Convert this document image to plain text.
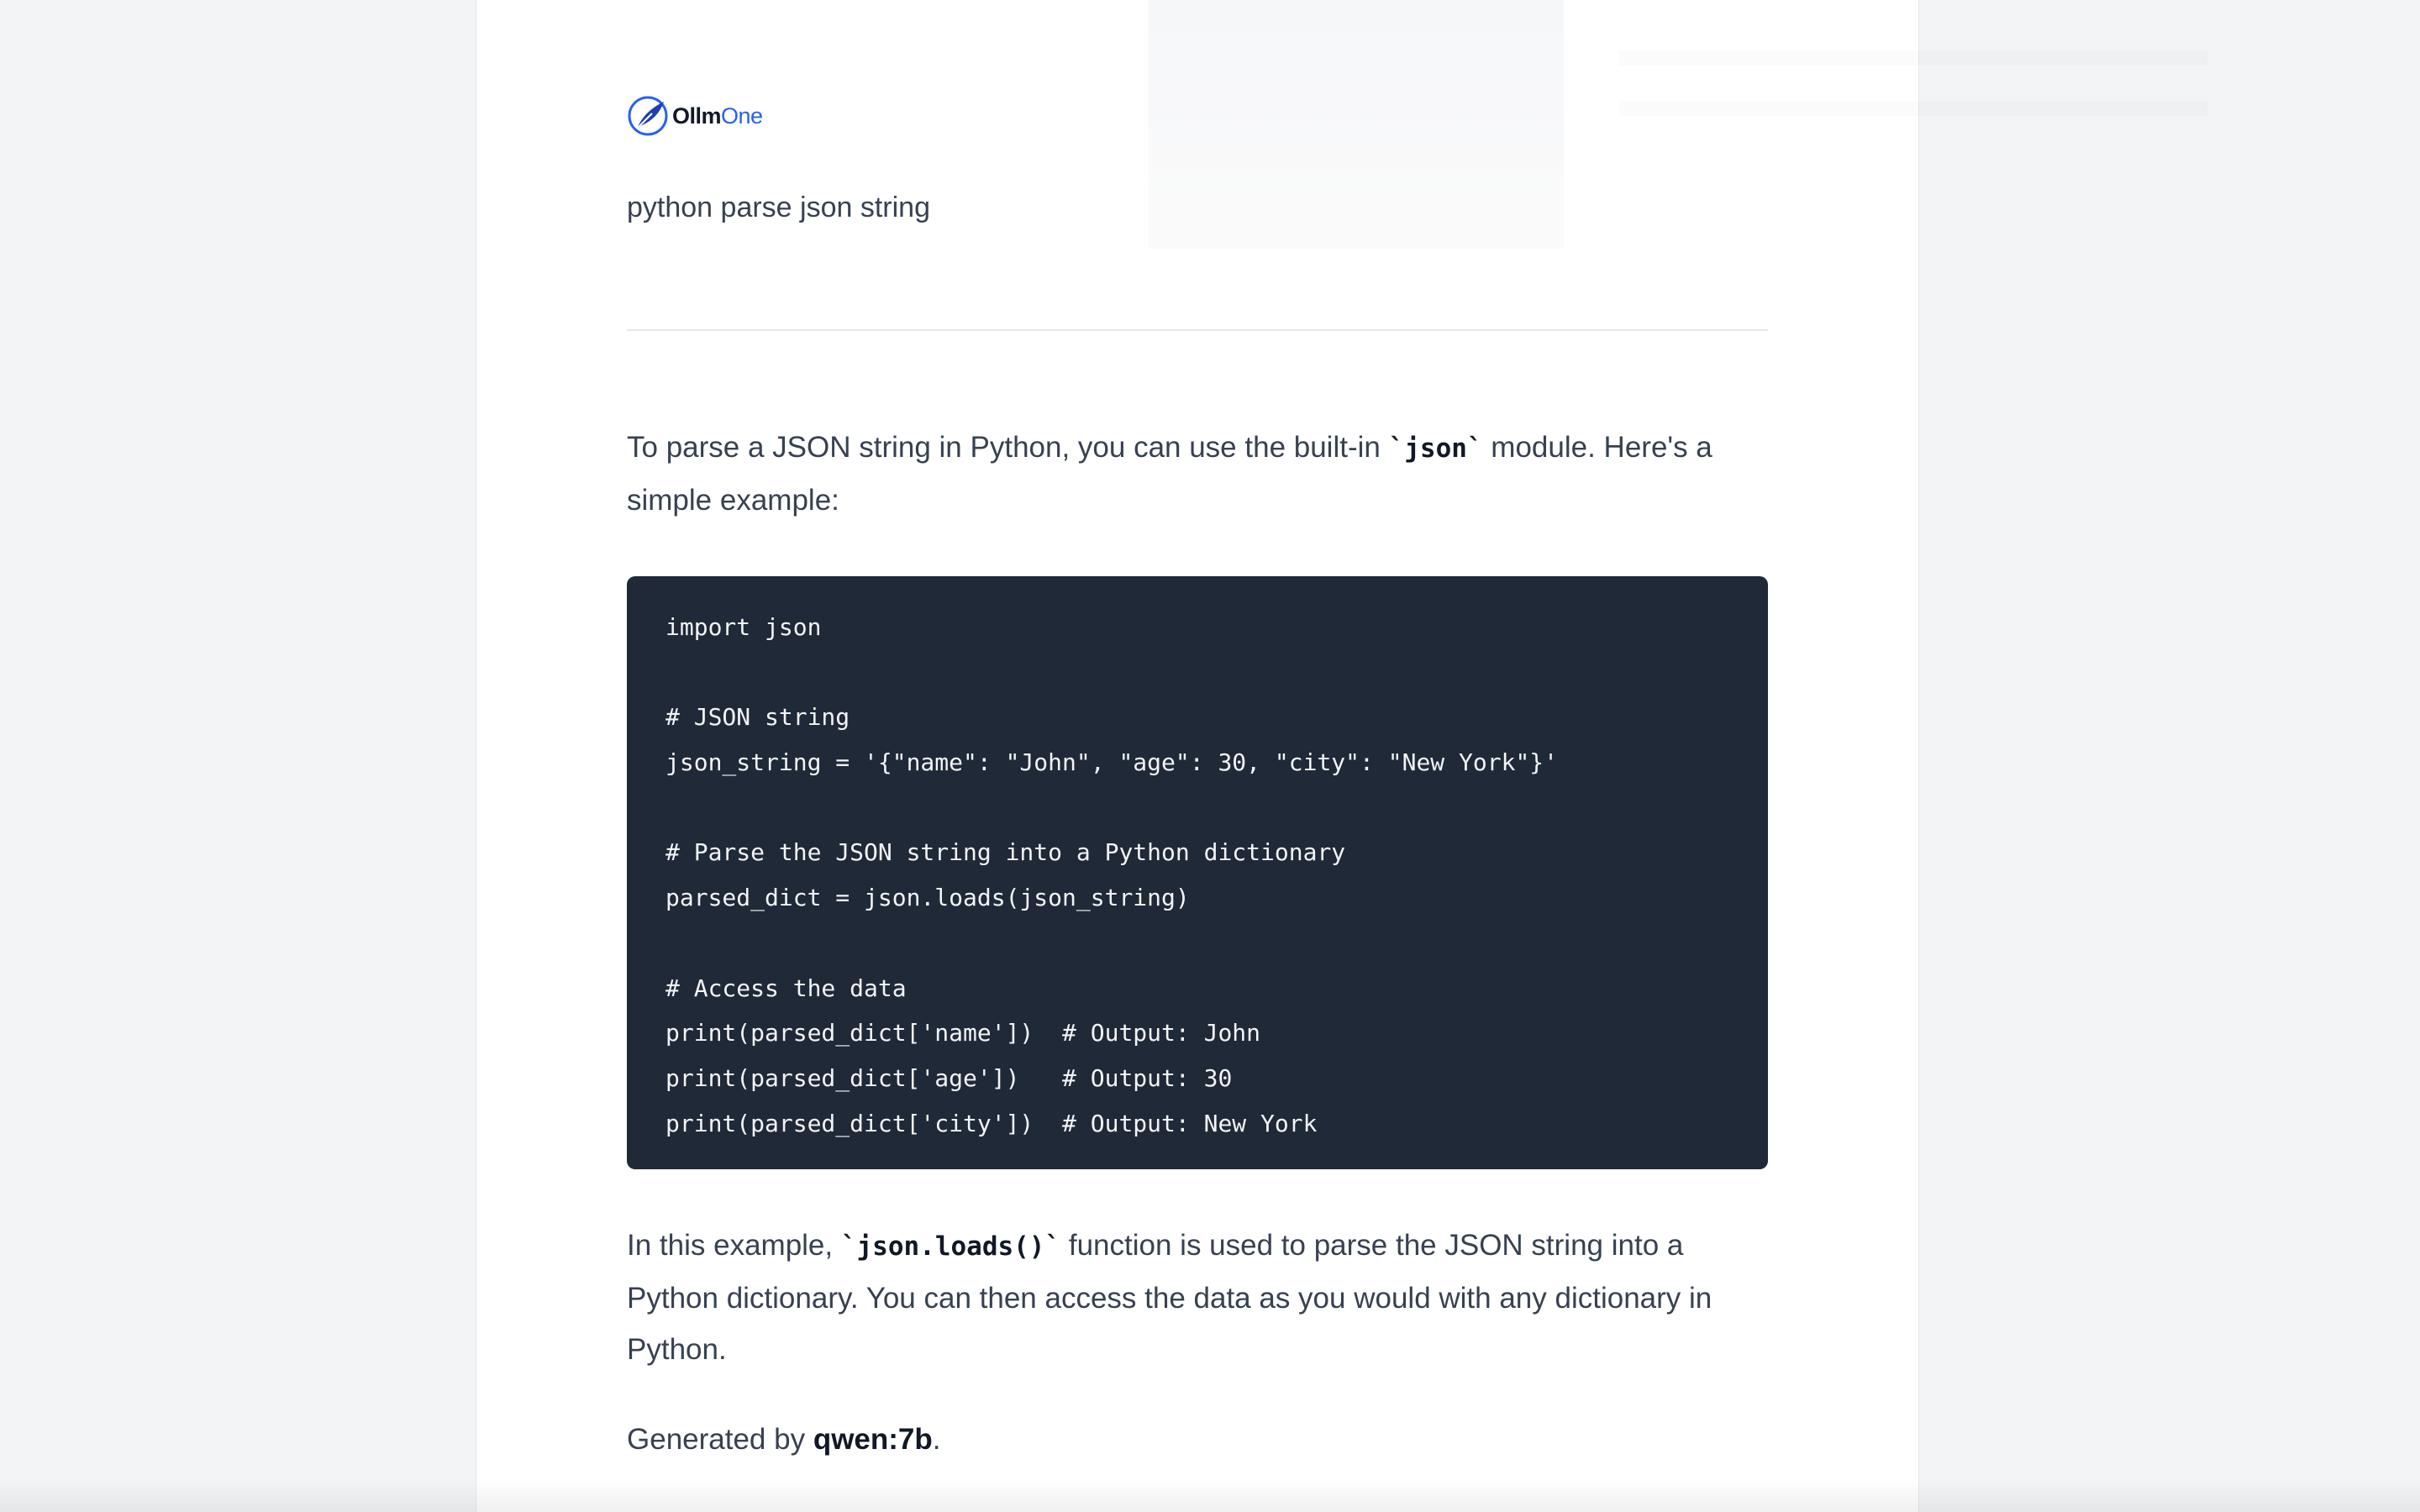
OllmOne
python parse json string

To parse a JSON string in Python, you can use the built-in `json` module. Here's a simple example:

import json
# JSON string
json_string = '{"name": "John", "age": 30, "city": "New York"}'
# Parse the JSON string into a Python dictionary
parsed_dict = json.loads(json_string)
# Access the data
print(parsed_dict['name'])  # Output: John
print(parsed_dict['age'])   # Output: 30
print(parsed_dict['city'])  # Output: New York

In this example, `json.loads()` function is used to parse the JSON string into a Python dictionary. You can then access the data as you would with any dictionary in Python.

Generated by qwen:7b.
